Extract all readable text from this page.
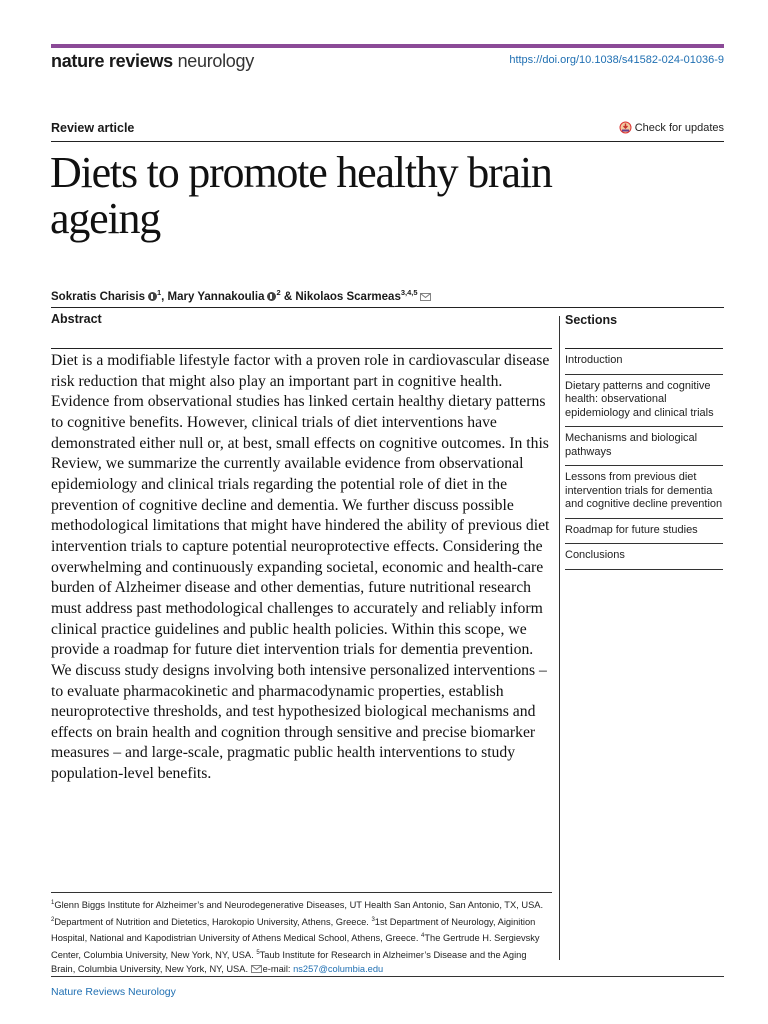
nature reviews neurology	https://doi.org/10.1038/s41582-024-01036-9
Review article	Check for updates
Diets to promote healthy brain ageing
Sokratis Charisis $^1$, Mary Yannakoulia $^2$ & Nikolaos Scarmeas$^{3,4,5}$
Abstract

Diet is a modifiable lifestyle factor with a proven role in cardiovascular disease risk reduction that might also play an important part in cognitive health. Evidence from observational studies has linked certain healthy dietary patterns to cognitive benefits. However, clinical trials of diet interventions have demonstrated either null or, at best, small effects on cognitive outcomes. In this Review, we summarize the currently available evidence from observational epidemiology and clinical trials regarding the potential role of diet in the prevention of cognitive decline and dementia. We further discuss possible methodological limitations that might have hindered the ability of previous diet intervention trials to capture potential neuroprotective effects. Considering the overwhelming and continuously expanding societal, economic and health-care burden of Alzheimer disease and other dementias, future nutritional research must address past methodological challenges to accurately and reliably inform clinical practice guidelines and public health policies. Within this scope, we provide a roadmap for future diet intervention trials for dementia prevention. We discuss study designs involving both intensive personalized interventions – to evaluate pharmacokinetic and pharmacodynamic properties, establish neuroprotective thresholds, and test hypothesized biological mechanisms and effects on brain health and cognition through sensitive and precise biomarker measures – and large-scale, pragmatic public health interventions to study population-level benefits.

Sections
Introduction
Dietary patterns and cognitive health: observational epidemiology and clinical trials
Mechanisms and biological pathways
Lessons from previous diet intervention trials for dementia and cognitive decline prevention
Roadmap for future studies
Conclusions

$^1$Glenn Biggs Institute for Alzheimer’s and Neurodegenerative Diseases, UT Health San Antonio, San Antonio, TX, USA. $^2$Department of Nutrition and Dietetics, Harokopio University, Athens, Greece. $^3$1st Department of Neurology, Aiginition Hospital, National and Kapodistrian University of Athens Medical School, Athens, Greece. $^4$The Gertrude H. Sergievsky Center, Columbia University, New York, NY, USA. $^5$Taub Institute for Research in Alzheimer’s Disease and the Aging Brain, Columbia University, New York, NY, USA. e-mail: ns257@columbia.edu

Nature Reviews Neurology
